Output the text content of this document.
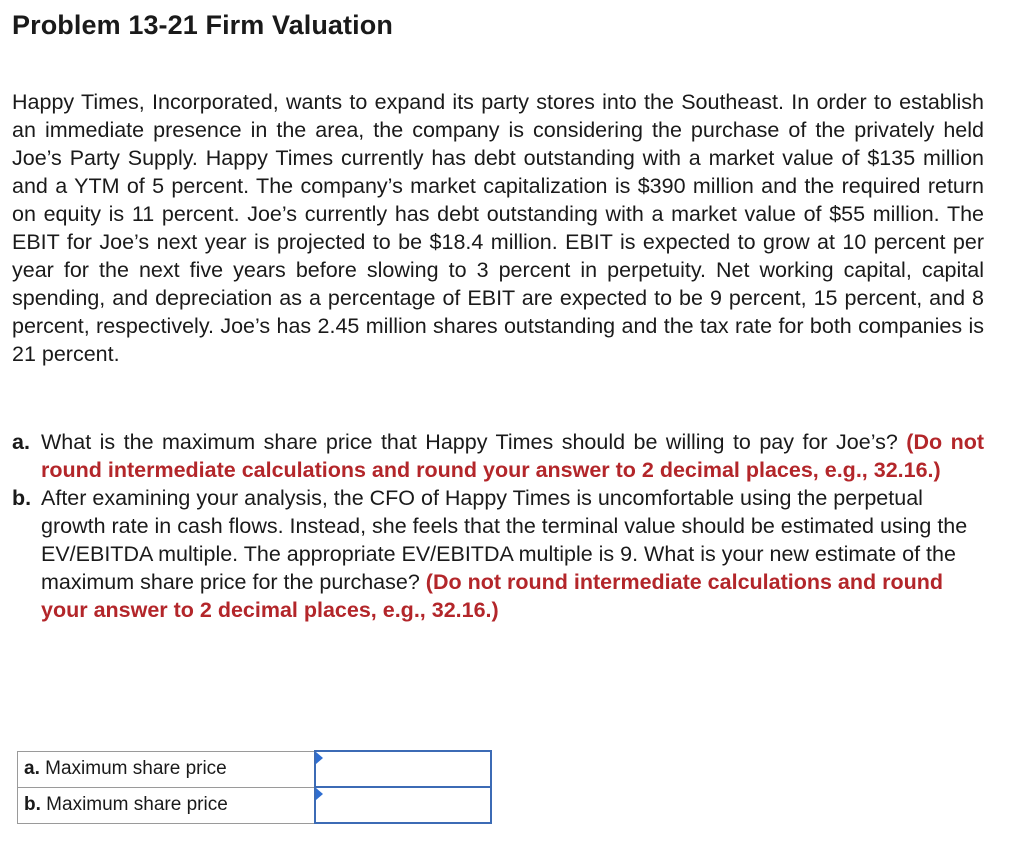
Problem 13-21 Firm Valuation
Happy Times, Incorporated, wants to expand its party stores into the Southeast. In order to establish an immediate presence in the area, the company is considering the purchase of the privately held Joe’s Party Supply. Happy Times currently has debt outstanding with a market value of $135 million and a YTM of 5 percent. The company’s market capitalization is $390 million and the required return on equity is 11 percent. Joe’s currently has debt outstanding with a market value of $55 million. The EBIT for Joe’s next year is projected to be $18.4 million. EBIT is expected to grow at 10 percent per year for the next five years before slowing to 3 percent in perpetuity. Net working capital, capital spending, and depreciation as a percentage of EBIT are expected to be 9 percent, 15 percent, and 8 percent, respectively. Joe’s has 2.45 million shares outstanding and the tax rate for both companies is 21 percent.
a. What is the maximum share price that Happy Times should be willing to pay for Joe’s? (Do not round intermediate calculations and round your answer to 2 decimal places, e.g., 32.16.)
b. After examining your analysis, the CFO of Happy Times is uncomfortable using the perpetual growth rate in cash flows. Instead, she feels that the terminal value should be estimated using the EV/EBITDA multiple. The appropriate EV/EBITDA multiple is 9. What is your new estimate of the maximum share price for the purchase? (Do not round intermediate calculations and round your answer to 2 decimal places, e.g., 32.16.)
a. Maximum share price	

b. Maximum share price	
